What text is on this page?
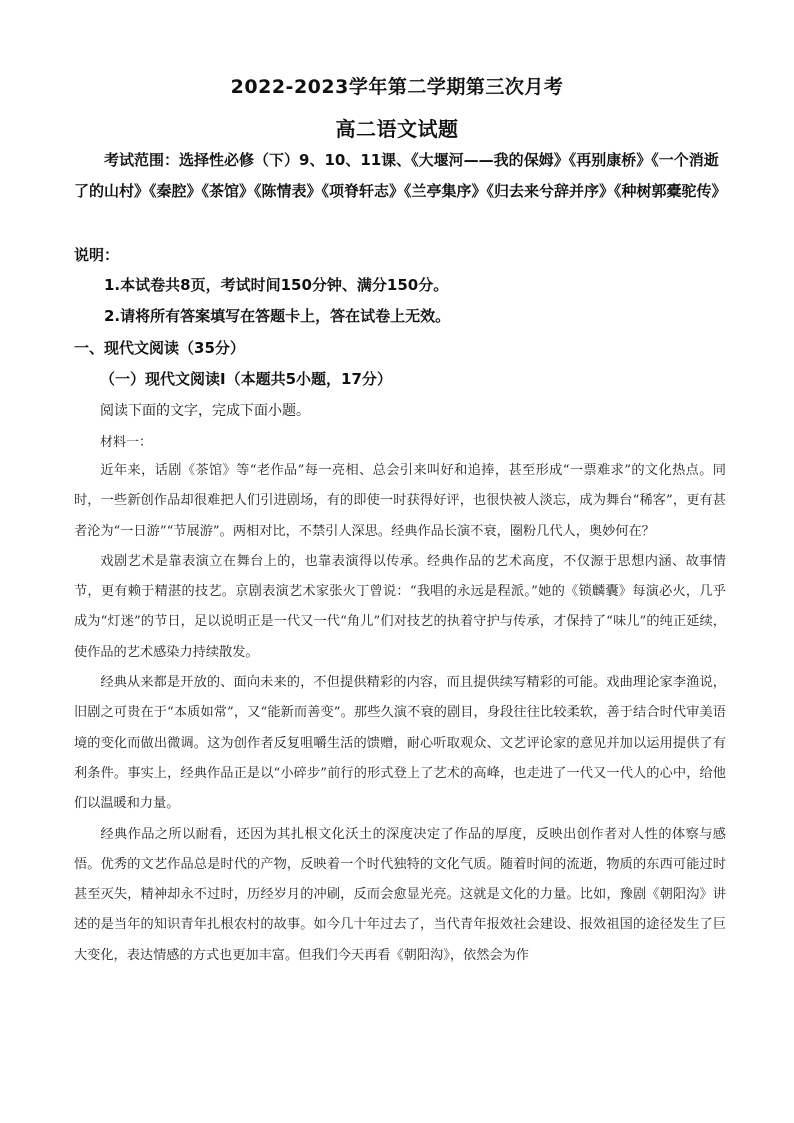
2022-2023学年第二学期第三次月考
高二语文试题
考试范围：选择性必修（下）9、10、11课、《大堰河——我的保姆》《再别康桥》《一个消逝了的山村》《秦腔》《茶馆》《陈情表》《项脊轩志》《兰亭集序》《归去来兮辞并序》《种树郭橐驼传》
说明：
1.本试卷共8页，考试时间150分钟、满分150分。
2.请将所有答案填写在答题卡上，答在试卷上无效。
一、现代文阅读（35分）
（一）现代文阅读Ⅰ（本题共5小题，17分）
阅读下面的文字，完成下面小题。
材料一：

近年来，话剧《茶馆》等“老作品”每一亮相、总会引来叫好和追捧，甚至形成“一票难求”的文化热点。同时，一些新创作品却很难把人们引进剧场，有的即使一时获得好评，也很快被人淡忘，成为舞台“稀客”，更有甚者沦为“一日游”“节展游”。两相对比，不禁引人深思。经典作品长演不衰，圈粉几代人，奥妙何在？

戏剧艺术是靠表演立在舞台上的，也靠表演得以传承。经典作品的艺术高度，不仅源于思想内涵、故事情节，更有赖于精湛的技艺。京剧表演艺术家张火丁曾说：“我唱的永远是程派。”她的《锁麟囊》每演必火，几乎成为“灯迷”的节日，足以说明正是一代又一代“角儿”们对技艺的执着守护与传承，才保持了“味儿”的纯正延续，使作品的艺术感染力持续散发。

经典从来都是开放的、面向未来的，不但提供精彩的内容，而且提供续写精彩的可能。戏曲理论家李渔说，旧剧之可贵在于“本质如常”，又“能新而善变”。那些久演不衰的剧目，身段往往比较柔软，善于结合时代审美语境的变化而做出微调。这为创作者反复咀嚼生活的馈赠，耐心听取观众、文艺评论家的意见并加以运用提供了有利条件。事实上，经典作品正是以“小碎步”前行的形式登上了艺术的高峰，也走进了一代又一代人的心中，给他们以温暖和力量。

经典作品之所以耐看，还因为其扎根文化沃土的深度决定了作品的厚度，反映出创作者对人性的体察与感悟。优秀的文艺作品总是时代的产物，反映着一个时代独特的文化气质。随着时间的流逝，物质的东西可能过时甚至灭失，精神却永不过时，历经岁月的冲刷，反而会愈显光亮。这就是文化的力量。比如，豫剧《朝阳沟》讲述的是当年的知识青年扎根农村的故事。如今几十年过去了，当代青年报效社会建设、报效祖国的途径发生了巨大变化，表达情感的方式也更加丰富。但我们今天再看《朝阳沟》，依然会为作
